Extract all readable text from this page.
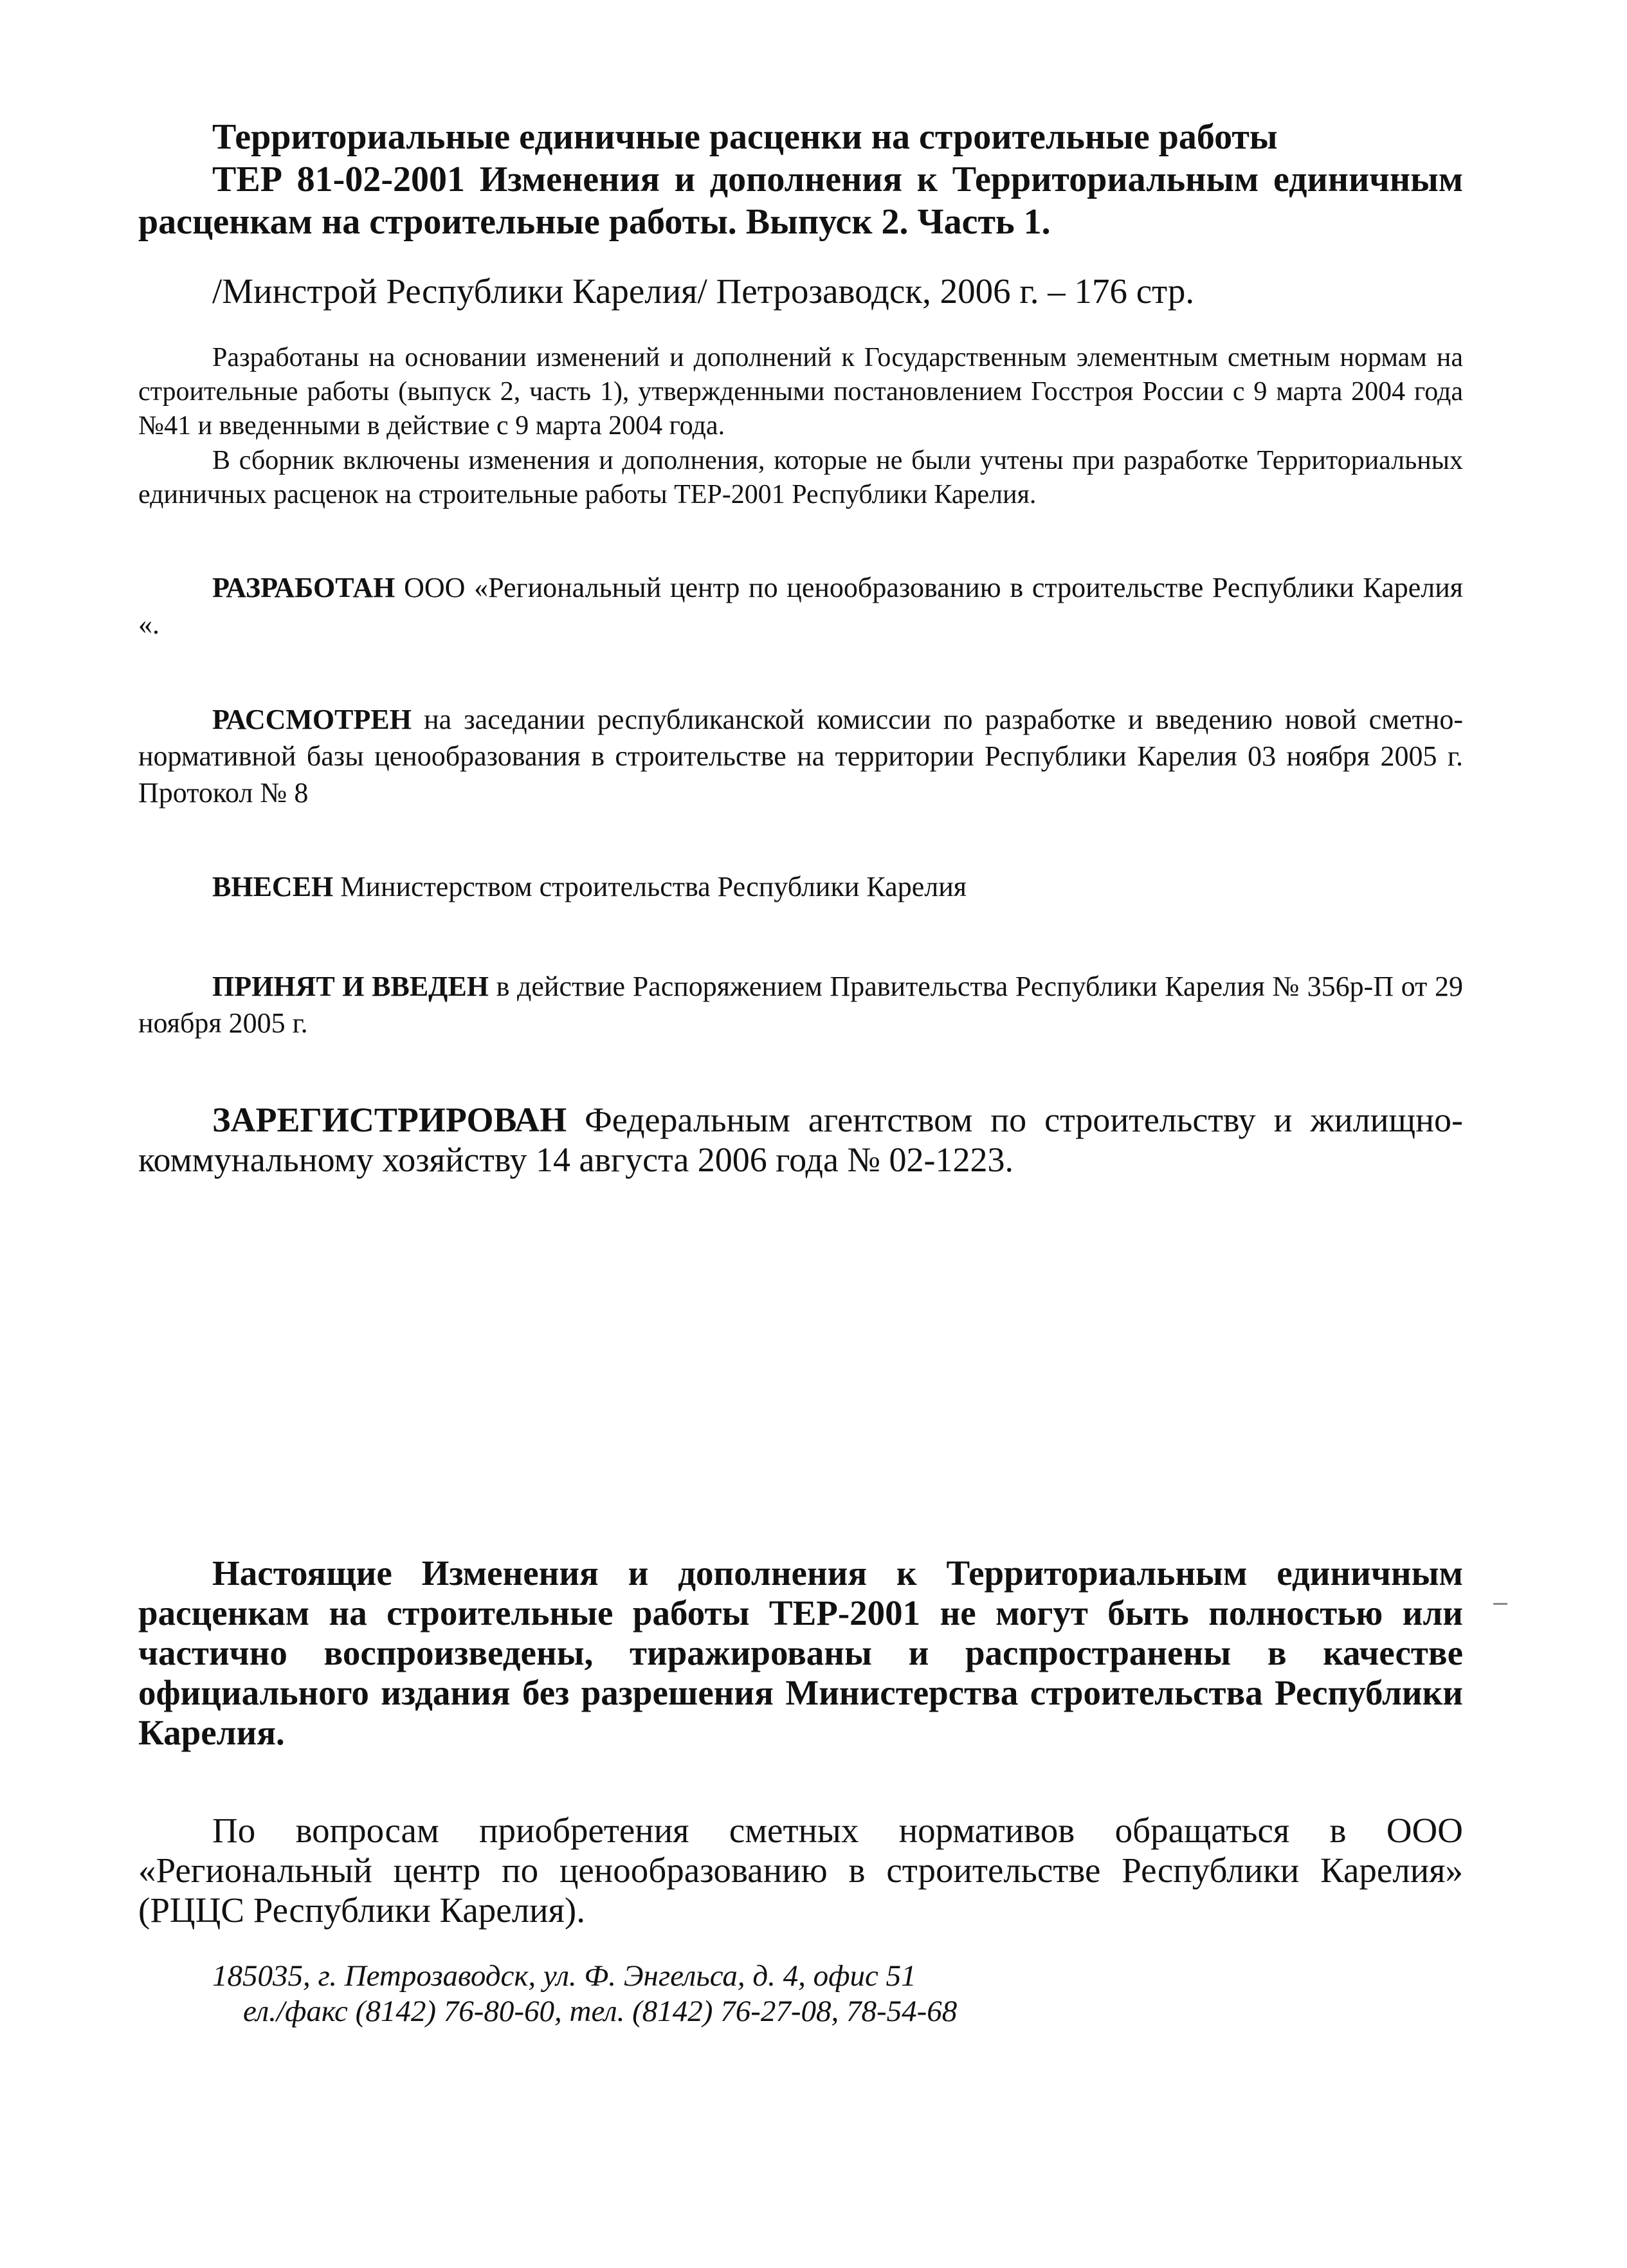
Территориальные единичные расценки на строительные работы
ТЕР 81-02-2001 Изменения и дополнения к Территориальным единичным расценкам на строительные работы. Выпуск 2. Часть 1.
/Минстрой Республики Карелия/ Петрозаводск, 2006 г. – 176 стр.
Разработаны на основании изменений и дополнений к Государственным элементным сметным нормам на строительные работы (выпуск 2, часть 1), утвержденными постановлением Госстроя России с 9 марта 2004 года №41 и введенными в действие с 9 марта 2004 года.
В сборник включены изменения и дополнения, которые не были учтены при разработке Территориальных единичных расценок на строительные работы ТЕР-2001 Республики Карелия.
РАЗРАБОТАН ООО «Региональный центр по ценообразованию в строительстве Республики Карелия «.
РАССМОТРЕН на заседании республиканской комиссии по разработке и введению новой сметно-нормативной базы ценообразования в строительстве на территории Республики Карелия 03 ноября 2005 г. Протокол № 8
ВНЕСЕН Министерством строительства Республики Карелия
ПРИНЯТ И ВВЕДЕН в действие Распоряжением Правительства Республики Карелия № 356р-П от 29 ноября 2005 г.
ЗАРЕГИСТРИРОВАН Федеральным агентством по строительству и жилищно-коммунальному хозяйству 14 августа 2006 года № 02-1223.
Настоящие Изменения и дополнения к Территориальным единичным расценкам на строительные работы ТЕР-2001 не могут быть полностью или частично воспроизведены, тиражированы и распространены в качестве официального издания без разрешения Министерства строительства Республики Карелия.
По вопросам приобретения сметных нормативов обращаться в ООО «Региональный центр по ценообразованию в строительстве Республики Карелия» (РЦЦС Республики Карелия).
185035, г. Петрозаводск, ул. Ф. Энгельса, д. 4, офис 51
ел./факс (8142) 76-80-60, тел. (8142) 76-27-08, 78-54-68
